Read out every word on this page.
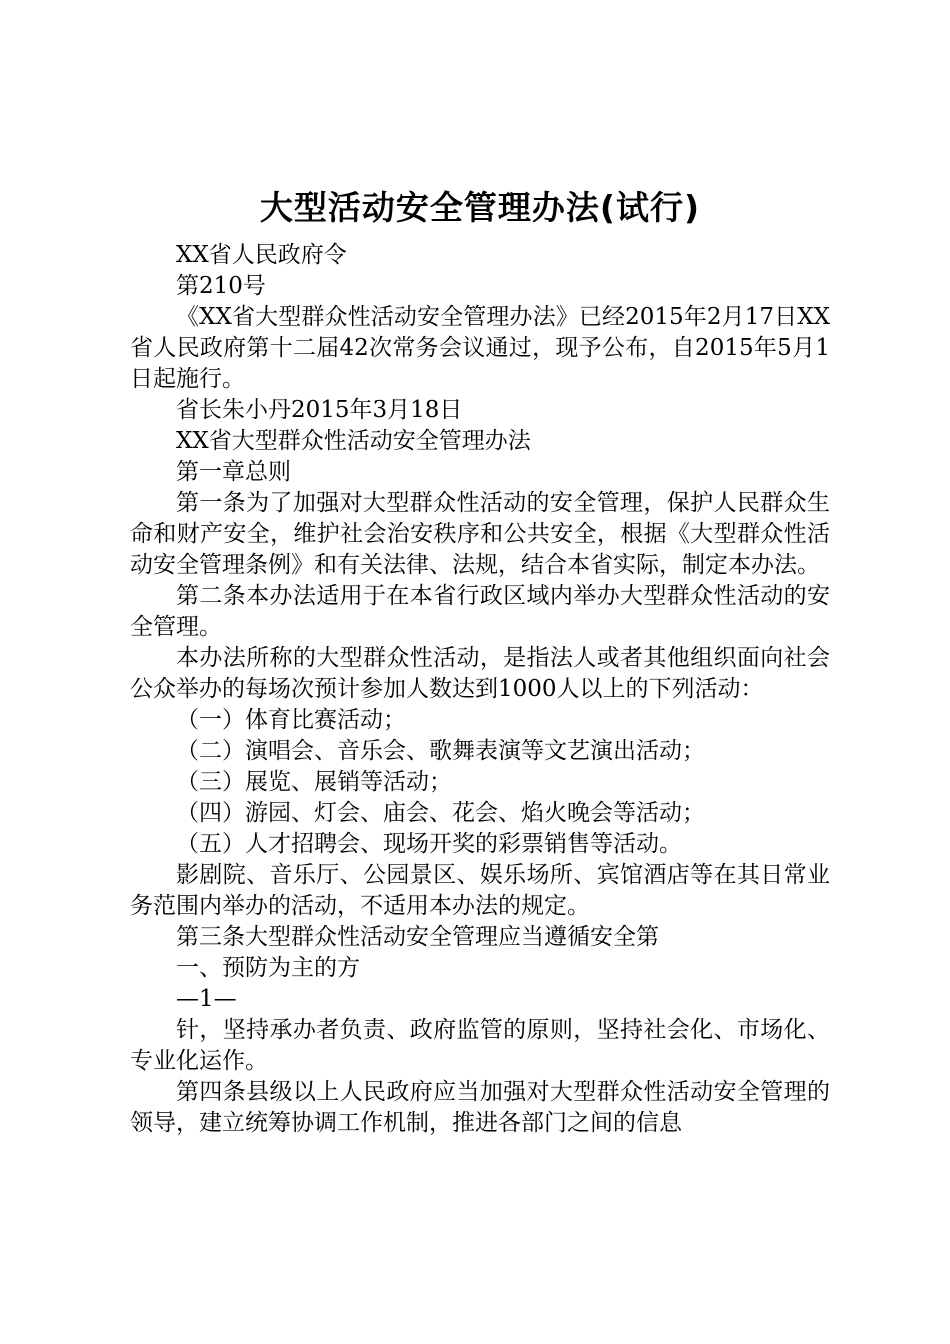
大型活动安全管理办法(试行)

XX省人民政府令

第210号

《XX省大型群众性活动安全管理办法》已经2015年2月17日XX省人民政府第十二届42次常务会议通过，现予公布，自2015年5月1日起施行。

省长朱小丹2015年3月18日

XX省大型群众性活动安全管理办法

第一章总则

第一条为了加强对大型群众性活动的安全管理，保护人民群众生命和财产安全，维护社会治安秩序和公共安全，根据《大型群众性活动安全管理条例》和有关法律、法规，结合本省实际，制定本办法。

第二条本办法适用于在本省行政区域内举办大型群众性活动的安全管理。

本办法所称的大型群众性活动，是指法人或者其他组织面向社会公众举办的每场次预计参加人数达到1000人以上的下列活动：

（一）体育比赛活动；

（二）演唱会、音乐会、歌舞表演等文艺演出活动；

（三）展览、展销等活动；

（四）游园、灯会、庙会、花会、焰火晚会等活动；

（五）人才招聘会、现场开奖的彩票销售等活动。

影剧院、音乐厅、公园景区、娱乐场所、宾馆酒店等在其日常业务范围内举办的活动，不适用本办法的规定。

第三条大型群众性活动安全管理应当遵循安全第

一、预防为主的方

—1—

针，坚持承办者负责、政府监管的原则，坚持社会化、市场化、专业化运作。

第四条县级以上人民政府应当加强对大型群众性活动安全管理的领导，建立统筹协调工作机制，推进各部门之间的信息
